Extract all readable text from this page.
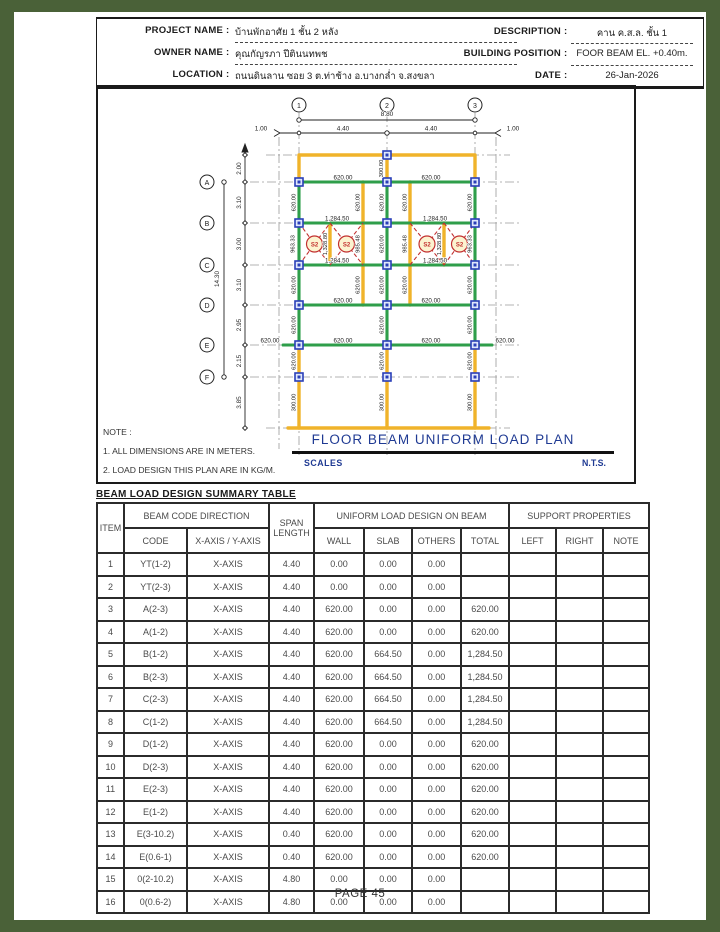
PROJECT NAME : บ้านพักอาศัย 1 ชั้น 2 หลัง
OWNER NAME : คุณกัญรภา ปีตินนทพช
LOCATION : ถนนดินลาน ซอย 3 ต.ท่าช้าง อ.บางกล่ำ จ.สงขลา
DESCRIPTION :	คาน ค.ส.ล. ชั้น 1
BUILDING POSITION : FOOR BEAM EL. +0.40m.
DATE :	26-Jan-2026
1	2	3
A
B
C
D
E
F
8.80
1.00	4.40	4.40	1.00
14.30
2.00
3.10
3.00
3.10
2.95
2.15
3.85
S2	S2	S2	S2
620.00	620.00
1,284.50	1,284.50
1,284.50	1,284.50
620.00	620.00
620.00	620.00
620.00	620.00
300.00
620.00	620.00	620.00	620.00	620.00
963.33	1,328.80	985.48	620.00	985.48	1,328.80	963.33
620.00	620.00	620.00	620.00	620.00
620.00	620.00	620.00
620.00	620.00	620.00
300.00	300.00	300.00
NOTE :
1. ALL DIMENSIONS ARE IN METERS.
2. LOAD DESIGN THIS PLAN ARE IN KG/M.
FLOOR BEAM UNIFORM LOAD PLAN
SCALES	N.T.S.
BEAM LOAD DESIGN SUMMARY TABLE
ITEM	BEAM CODE DIRECTION		SPAN
LENGTH	UNIFORM LOAD DESIGN ON BEAM				SUPPORT PROPERTIES		
	CODE	X-AXIS / Y-AXIS		WALL	SLAB	OTHERS	TOTAL	LEFT	RIGHT	NOTE
1	YT(1-2)	X-AXIS	4.40	0.00	0.00	0.00				
2	YT(2-3)	X-AXIS	4.40	0.00	0.00	0.00				
3	A(2-3)	X-AXIS	4.40	620.00	0.00	0.00	620.00			
4	A(1-2)	X-AXIS	4.40	620.00	0.00	0.00	620.00			
5	B(1-2)	X-AXIS	4.40	620.00	664.50	0.00	1,284.50			
6	B(2-3)	X-AXIS	4.40	620.00	664.50	0.00	1,284.50			
7	C(2-3)	X-AXIS	4.40	620.00	664.50	0.00	1,284.50			
8	C(1-2)	X-AXIS	4.40	620.00	664.50	0.00	1,284.50			
9	D(1-2)	X-AXIS	4.40	620.00	0.00	0.00	620.00			
10	D(2-3)	X-AXIS	4.40	620.00	0.00	0.00	620.00			
11	E(2-3)	X-AXIS	4.40	620.00	0.00	0.00	620.00			
12	E(1-2)	X-AXIS	4.40	620.00	0.00	0.00	620.00			
13	E(3-10.2)	X-AXIS	0.40	620.00	0.00	0.00	620.00			
14	E(0.6-1)	X-AXIS	0.40	620.00	0.00	0.00	620.00			
15	0(2-10.2)	X-AXIS	4.80	0.00	0.00	0.00				
16	0(0.6-2)	X-AXIS	4.80	0.00	0.00	0.00				
PAGE 45
